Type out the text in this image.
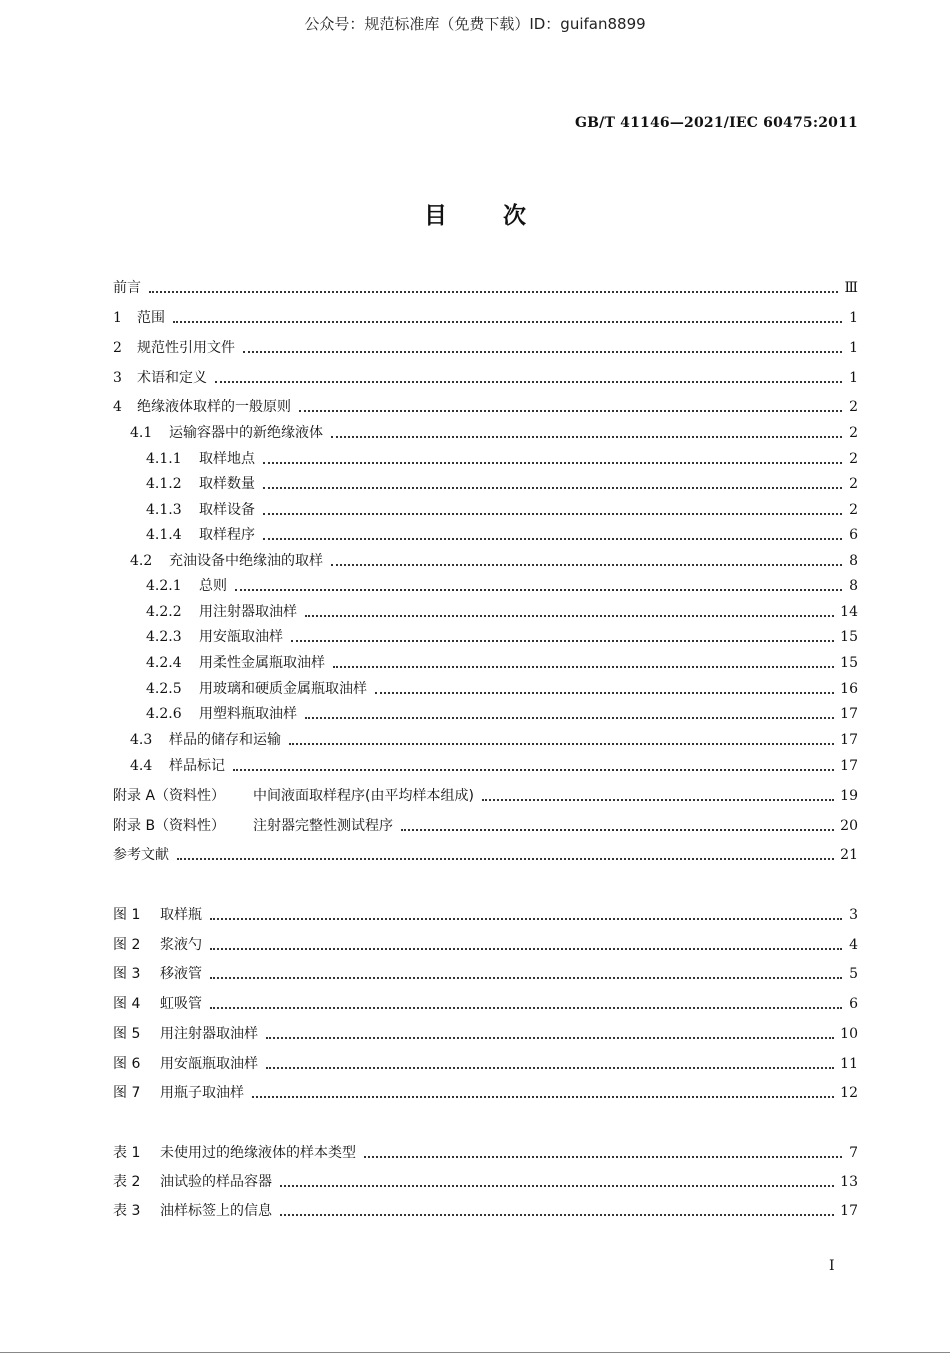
公众号：规范标准库（免费下载）ID：guifan8899
GB/T 41146—2021/IEC 60475:2011
目 次
前言	Ⅲ
1	范围	1
2	规范性引用文件	1
3	术语和定义	1
4	绝缘液体取样的一般原则	2
4.1	运输容器中的新绝缘液体	2
4.1.1	取样地点	2
4.1.2	取样数量	2
4.1.3	取样设备	2
4.1.4	取样程序	6
4.2	充油设备中绝缘油的取样	8
4.2.1	总则	8
4.2.2	用注射器取油样	14
4.2.3	用安瓿取油样	15
4.2.4	用柔性金属瓶取油样	15
4.2.5	用玻璃和硬质金属瓶取油样	16
4.2.6	用塑料瓶取油样	17
4.3	样品的储存和运输	17
4.4	样品标记	17
附录 A（资料性）	中间液面取样程序(由平均样本组成)	19
附录 B（资料性）	注射器完整性测试程序	20
参考文献	21
图 1	取样瓶	3
图 2	浆液勺	4
图 3	移液管	5
图 4	虹吸管	6
图 5	用注射器取油样	10
图 6	用安瓿瓶取油样	11
图 7	用瓶子取油样	12
表 1	未使用过的绝缘液体的样本类型	7
表 2	油试验的样品容器	13
表 3	油样标签上的信息	17
I
